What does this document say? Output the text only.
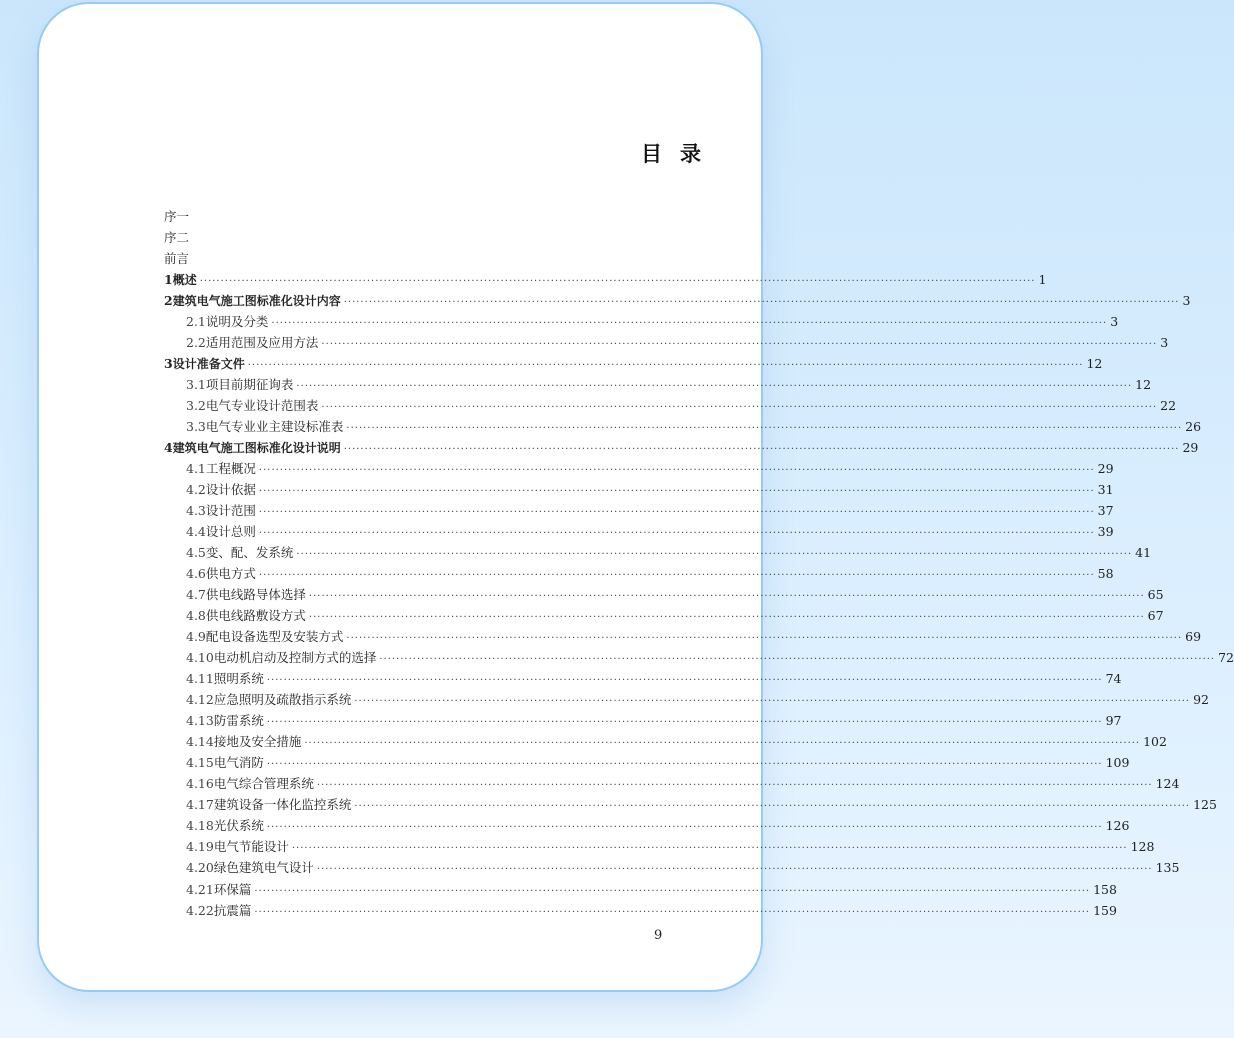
目录
序一
序二
前言
1 概述 ········································································································································································································ 1
2 建筑电气施工图标准化设计内容 ········································································································································································································ 3
2.1 说明及分类 ········································································································································································································ 3
2.2 适用范围及应用方法 ········································································································································································································ 3
3 设计准备文件 ········································································································································································································ 12
3.1 项目前期征询表 ········································································································································································································ 12
3.2 电气专业设计范围表 ········································································································································································································ 22
3.3 电气专业业主建设标准表 ········································································································································································································ 26
4 建筑电气施工图标准化设计说明 ········································································································································································································ 29
4.1 工程概况 ········································································································································································································ 29
4.2 设计依据 ········································································································································································································ 31
4.3 设计范围 ········································································································································································································ 37
4.4 设计总则 ········································································································································································································ 39
4.5 变、配、发系统 ········································································································································································································ 41
4.6 供电方式 ········································································································································································································ 58
4.7 供电线路导体选择 ········································································································································································································ 65
4.8 供电线路敷设方式 ········································································································································································································ 67
4.9 配电设备选型及安装方式 ········································································································································································································ 69
4.10 电动机启动及控制方式的选择 ········································································································································································································ 72
4.11 照明系统 ········································································································································································································ 74
4.12 应急照明及疏散指示系统 ········································································································································································································ 92
4.13 防雷系统 ········································································································································································································ 97
4.14 接地及安全措施 ········································································································································································································ 102
4.15 电气消防 ········································································································································································································ 109
4.16 电气综合管理系统 ········································································································································································································ 124
4.17 建筑设备一体化监控系统 ········································································································································································································ 125
4.18 光伏系统 ········································································································································································································ 126
4.19 电气节能设计 ········································································································································································································ 128
4.20 绿色建筑电气设计 ········································································································································································································ 135
4.21 环保篇 ········································································································································································································ 158
4.22 抗震篇 ········································································································································································································ 159
9
